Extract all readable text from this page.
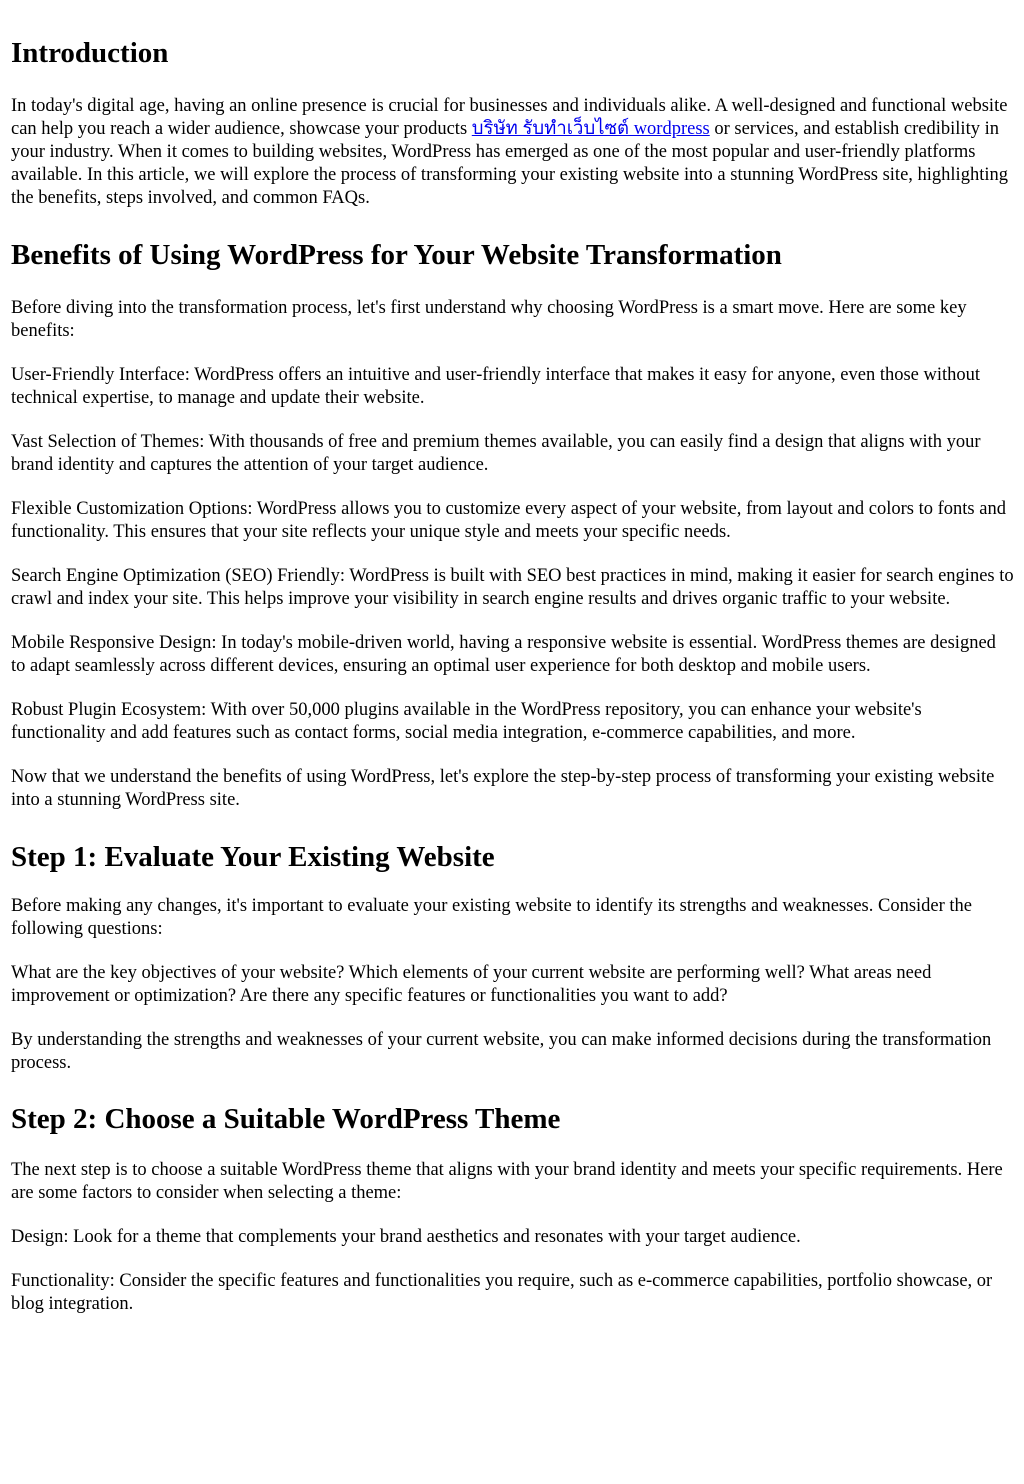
Introduction

In today's digital age, having an online presence is crucial for businesses and individuals alike. A well-designed and functional website can help you reach a wider audience, showcase your products บริษัท รับทำเว็บไซต์ wordpress or services, and establish credibility in your industry. When it comes to building websites, WordPress has emerged as one of the most popular and user-friendly platforms available. In this article, we will explore the process of transforming your existing website into a stunning WordPress site, highlighting the benefits, steps involved, and common FAQs.

Benefits of Using WordPress for Your Website Transformation

Before diving into the transformation process, let's first understand why choosing WordPress is a smart move. Here are some key benefits:

User-Friendly Interface: WordPress offers an intuitive and user-friendly interface that makes it easy for anyone, even those without technical expertise, to manage and update their website.

Vast Selection of Themes: With thousands of free and premium themes available, you can easily find a design that aligns with your brand identity and captures the attention of your target audience.

Flexible Customization Options: WordPress allows you to customize every aspect of your website, from layout and colors to fonts and functionality. This ensures that your site reflects your unique style and meets your specific needs.

Search Engine Optimization (SEO) Friendly: WordPress is built with SEO best practices in mind, making it easier for search engines to crawl and index your site. This helps improve your visibility in search engine results and drives organic traffic to your website.

Mobile Responsive Design: In today's mobile-driven world, having a responsive website is essential. WordPress themes are designed to adapt seamlessly across different devices, ensuring an optimal user experience for both desktop and mobile users.

Robust Plugin Ecosystem: With over 50,000 plugins available in the WordPress repository, you can enhance your website's functionality and add features such as contact forms, social media integration, e-commerce capabilities, and more.

Now that we understand the benefits of using WordPress, let's explore the step-by-step process of transforming your existing website into a stunning WordPress site.

Step 1: Evaluate Your Existing Website

Before making any changes, it's important to evaluate your existing website to identify its strengths and weaknesses. Consider the following questions:

What are the key objectives of your website? Which elements of your current website are performing well? What areas need improvement or optimization? Are there any specific features or functionalities you want to add?

By understanding the strengths and weaknesses of your current website, you can make informed decisions during the transformation process.

Step 2: Choose a Suitable WordPress Theme

The next step is to choose a suitable WordPress theme that aligns with your brand identity and meets your specific requirements. Here are some factors to consider when selecting a theme:

Design: Look for a theme that complements your brand aesthetics and resonates with your target audience.

Functionality: Consider the specific features and functionalities you require, such as e-commerce capabilities, portfolio showcase, or blog integration.
